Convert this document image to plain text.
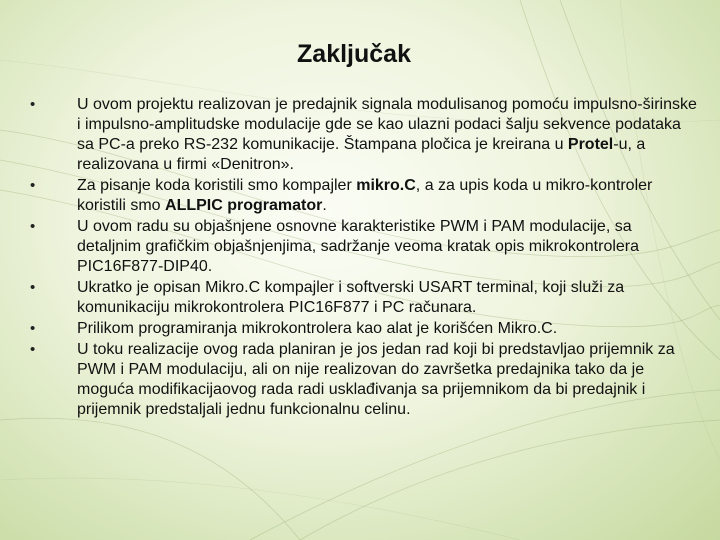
Zaključak
• U ovom projektu realizovan je predajnik signala modulisanog pomoću impulsno-širinske i impulsno-amplitudske modulacije gde se kao ulazni podaci šalju sekvence podataka sa PC-a preko RS-232 komunikacije. Štampana pločica je kreirana u Protel-u, a realizovana u firmi «Denitron».
• Za pisanje koda koristili smo kompajler mikro.C, a za upis koda u mikro-kontroler koristili smo ALLPIC programator.
• U ovom radu su objašnjene osnovne karakteristike PWM i PAM modulacije, sa detaljnim grafičkim objašnjenjima, sadržanje veoma kratak opis mikrokontrolera PIC16F877-DIP40.
• Ukratko je opisan Mikro.C kompajler i softverski USART terminal, koji služi za komunikaciju mikrokontrolera PIC16F877 i PC računara.
• Prilikom programiranja mikrokontrolera kao alat je korišćen Mikro.C.
• U toku realizacije ovog rada planiran je jos jedan rad koji bi predstavljao prijemnik za PWM i PAM modulaciju, ali on nije realizovan do završetka predajnika tako da je moguća modifikacijaovog rada radi usklađivanja sa prijemnikom da bi predajnik i prijemnik predstaljali jednu funkcionalnu celinu.
